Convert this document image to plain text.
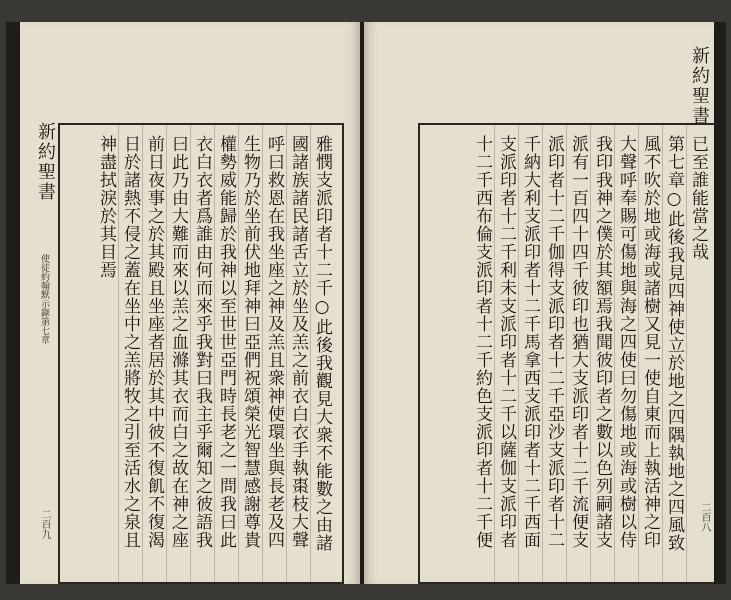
新約聖書
使徒約翰默示錄第七章
二百九	雅憫支派印者十二千○此後我觀見大衆不能數之由諸
國諸族諸民諸舌立於坐及羔之前衣白衣手執棗枝大聲
呼曰救恩在我坐座之神及羔且衆神使環坐與長老及四
生物乃於坐前伏地拜神曰亞們祝頌榮光智慧感謝尊貴
權勢威能歸於我神以至世世亞門時長老之一問我曰此
衣白衣者爲誰由何而來乎我對曰我主乎爾知之彼語我
曰此乃由大難而來以羔之血滌其衣而白之故在神之座
前日夜事之於其殿且坐座者居於其中彼不復飢不復渴
日於諸熱不侵之蓋在坐中之羔將牧之引至活水之泉且
神盡拭淚於其目焉
新約聖書
二百八
已至誰能當之哉
第七章○此後我見四神使立於地之四隅執地之四風致
風不吹於地或海或諸樹又見一使自東而上執活神之印
大聲呼奉賜可傷地與海之四使曰勿傷地或海或樹以侍
我印我神之僕於其額焉我聞彼印者之數以色列嗣諸支
派有一百四十四千彼印也猶大支派印者十二千流便支
派印者十二千伽得支派印者十二千亞沙支派印者十二
千納大利支派印者十二千馬拿西支派印者十二千西面
支派印者十二千利未支派印者十二千以薩伽支派印者
十二千西布倫支派印者十二千約色支派印者十二千便
